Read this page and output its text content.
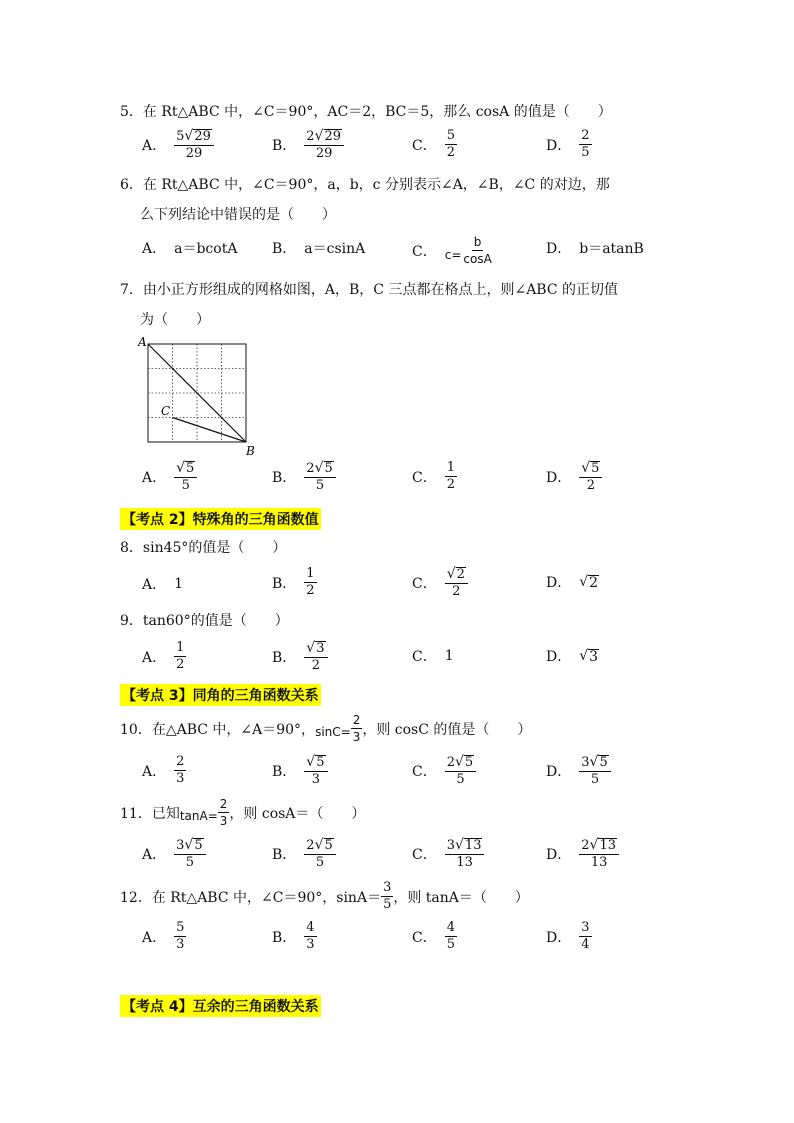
5．在 Rt△ABC 中，∠C＝90°，AC＝2，BC＝5，那么 cosA 的值是（　　）
A． $\frac{5 √ 29}{29}$	B． $\frac{2 √ 29}{29}$	C． $\frac{5}{2}$	D． $\frac{2}{5}$
6．在 Rt△ABC 中，∠C＝90°，a，b，c 分别表示∠A，∠B，∠C 的对边，那
么下列结论中错误的是（　　）
A． a＝bcotA B． a＝csinA	C． $c= \frac{b}{\cos A}$	D． b＝atanB
7．由小正方形组成的网格如图，A，B，C 三点都在格点上，则∠ABC 的正切值
为（　　）
A
C
B
A． $\frac{√ 5}{5}$	B． $\frac{2 √ 5}{5}$	C． $\frac{1}{2}$	D． $\frac{√ 5}{2}$
【考点 2】特殊角的三角函数值
8．sin45°的值是（　　）
A． 1	B． $\frac{1}{2}$	C． $\frac{√ 2}{2}$	D． √ 2
9．tan60°的值是（　　）
A． $\frac{1}{2}$	B． $\frac{√ 3}{2}$	C． 1	D． √ 3
【考点 3】同角的三角函数关系
10．在△ABC 中，∠A＝90°， $\sin C= \frac{2}{3}$ ，则 cosC 的值是（　　）
A． $\frac{2}{3}$	B． $\frac{√ 5}{3}$	C． $\frac{2 √ 5}{5}$	D． $\frac{3 √ 5}{5}$
11．已知 $\tan A= \frac{2}{3}$ ，则 cosA＝（　　）
A． $\frac{3 √ 5}{5}$	B． $\frac{2 √ 5}{5}$	C． $\frac{3 √ 13}{13}$	D． $\frac{2 √ 13}{13}$
12．在 Rt△ABC 中，∠C＝90°，$\sin A= \frac{3}{5}$ ，则 tanA＝（　　）
A． $\frac{5}{3}$	B． $\frac{4}{3}$	C． $\frac{4}{5}$	D． $\frac{3}{4}$
【考点 4】互余的三角函数关系
